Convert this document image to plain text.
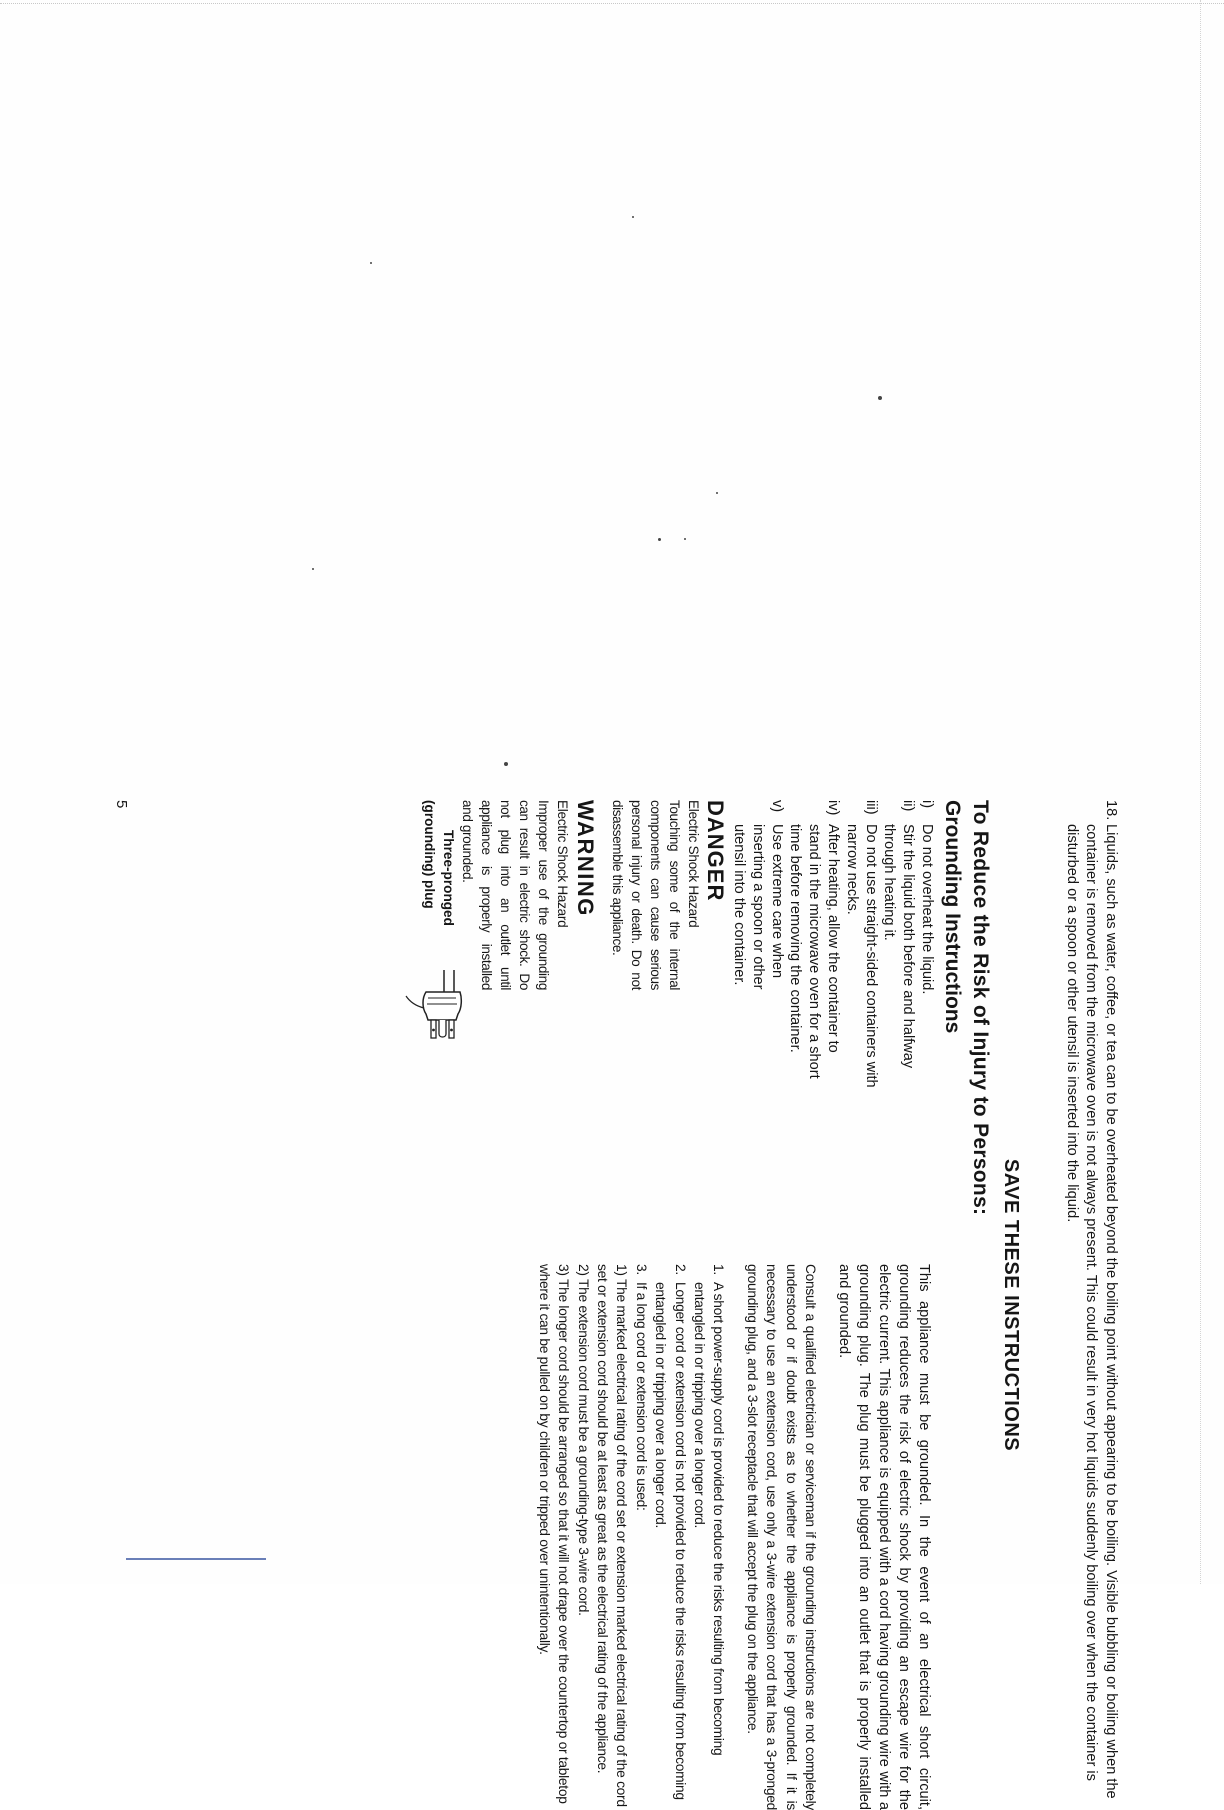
18.
Liquids, such as water, coffee, or tea can to be overheated beyond the boiling point without appearing to be boiling. Visible bubbling or boiling when the container is removed from the microwave oven is not always present. This could result in very hot liquids suddenly boiling over when the container is disturbed or a spoon or other utensil is inserted into the liquid.
SAVE THESE INSTRUCTIONS
To Reduce the Risk of Injury to Persons:
Grounding Instructions
i)
Do not overheat the liquid.
ii)
Stir the liquid both before and halfway through heating it.
iii)
Do not use straight-sided containers with narrow necks.
iv)
After heating, allow the container to stand in the microwave oven for a short time before removing the container.
v)
Use extreme care when inserting a spoon or other utensil into the container.
DANGER
Electric Shock Hazard
Touching some of the internal components can cause serious personal injury or death. Do not disassemble this appliance.
WARNING
Electric Shock Hazard
Improper use of the grounding can result in electric shock. Do not plug into an outlet until appliance is properly installed and grounded.
Three-pronged
(grounding) plug

This appliance must be grounded. In the event of an electrical short circuit, grounding reduces the risk of electric shock by providing an escape wire for the electric current. This appliance is equipped with a cord having grounding wire with a grounding plug. The plug must be plugged into an outlet that is properly installed and grounded.

Consult a qualified electrician or serviceman if the grounding instructions are not completely understood or if doubt exists as to whether the appliance is properly grounded. If it is necessary to use an extension cord, use only a 3-wire extension cord that has a 3-pronged grounding plug, and a 3-slot receptacle that will accept the plug on the appliance.

1.
A short power-supply cord is provided to reduce the risks resulting from becoming entangled in or tripping over a longer cord.
2.
Longer cord or extension cord is not provided to reduce the risks resulting from becoming entangled in or tripping over a longer cord.
3.
If a long cord or extension cord is used:
1) The marked electrical rating of the cord set or extension marked electrical rating of the cord set or extension cord should be at least as great as the electrical rating of the appliance.
2) The extension cord must be a grounding-type 3-wire cord.
3) The longer cord should be arranged so that it will not drape over the countertop or tabletop where it can be pulled on by children or tripped over unintentionally.
5
